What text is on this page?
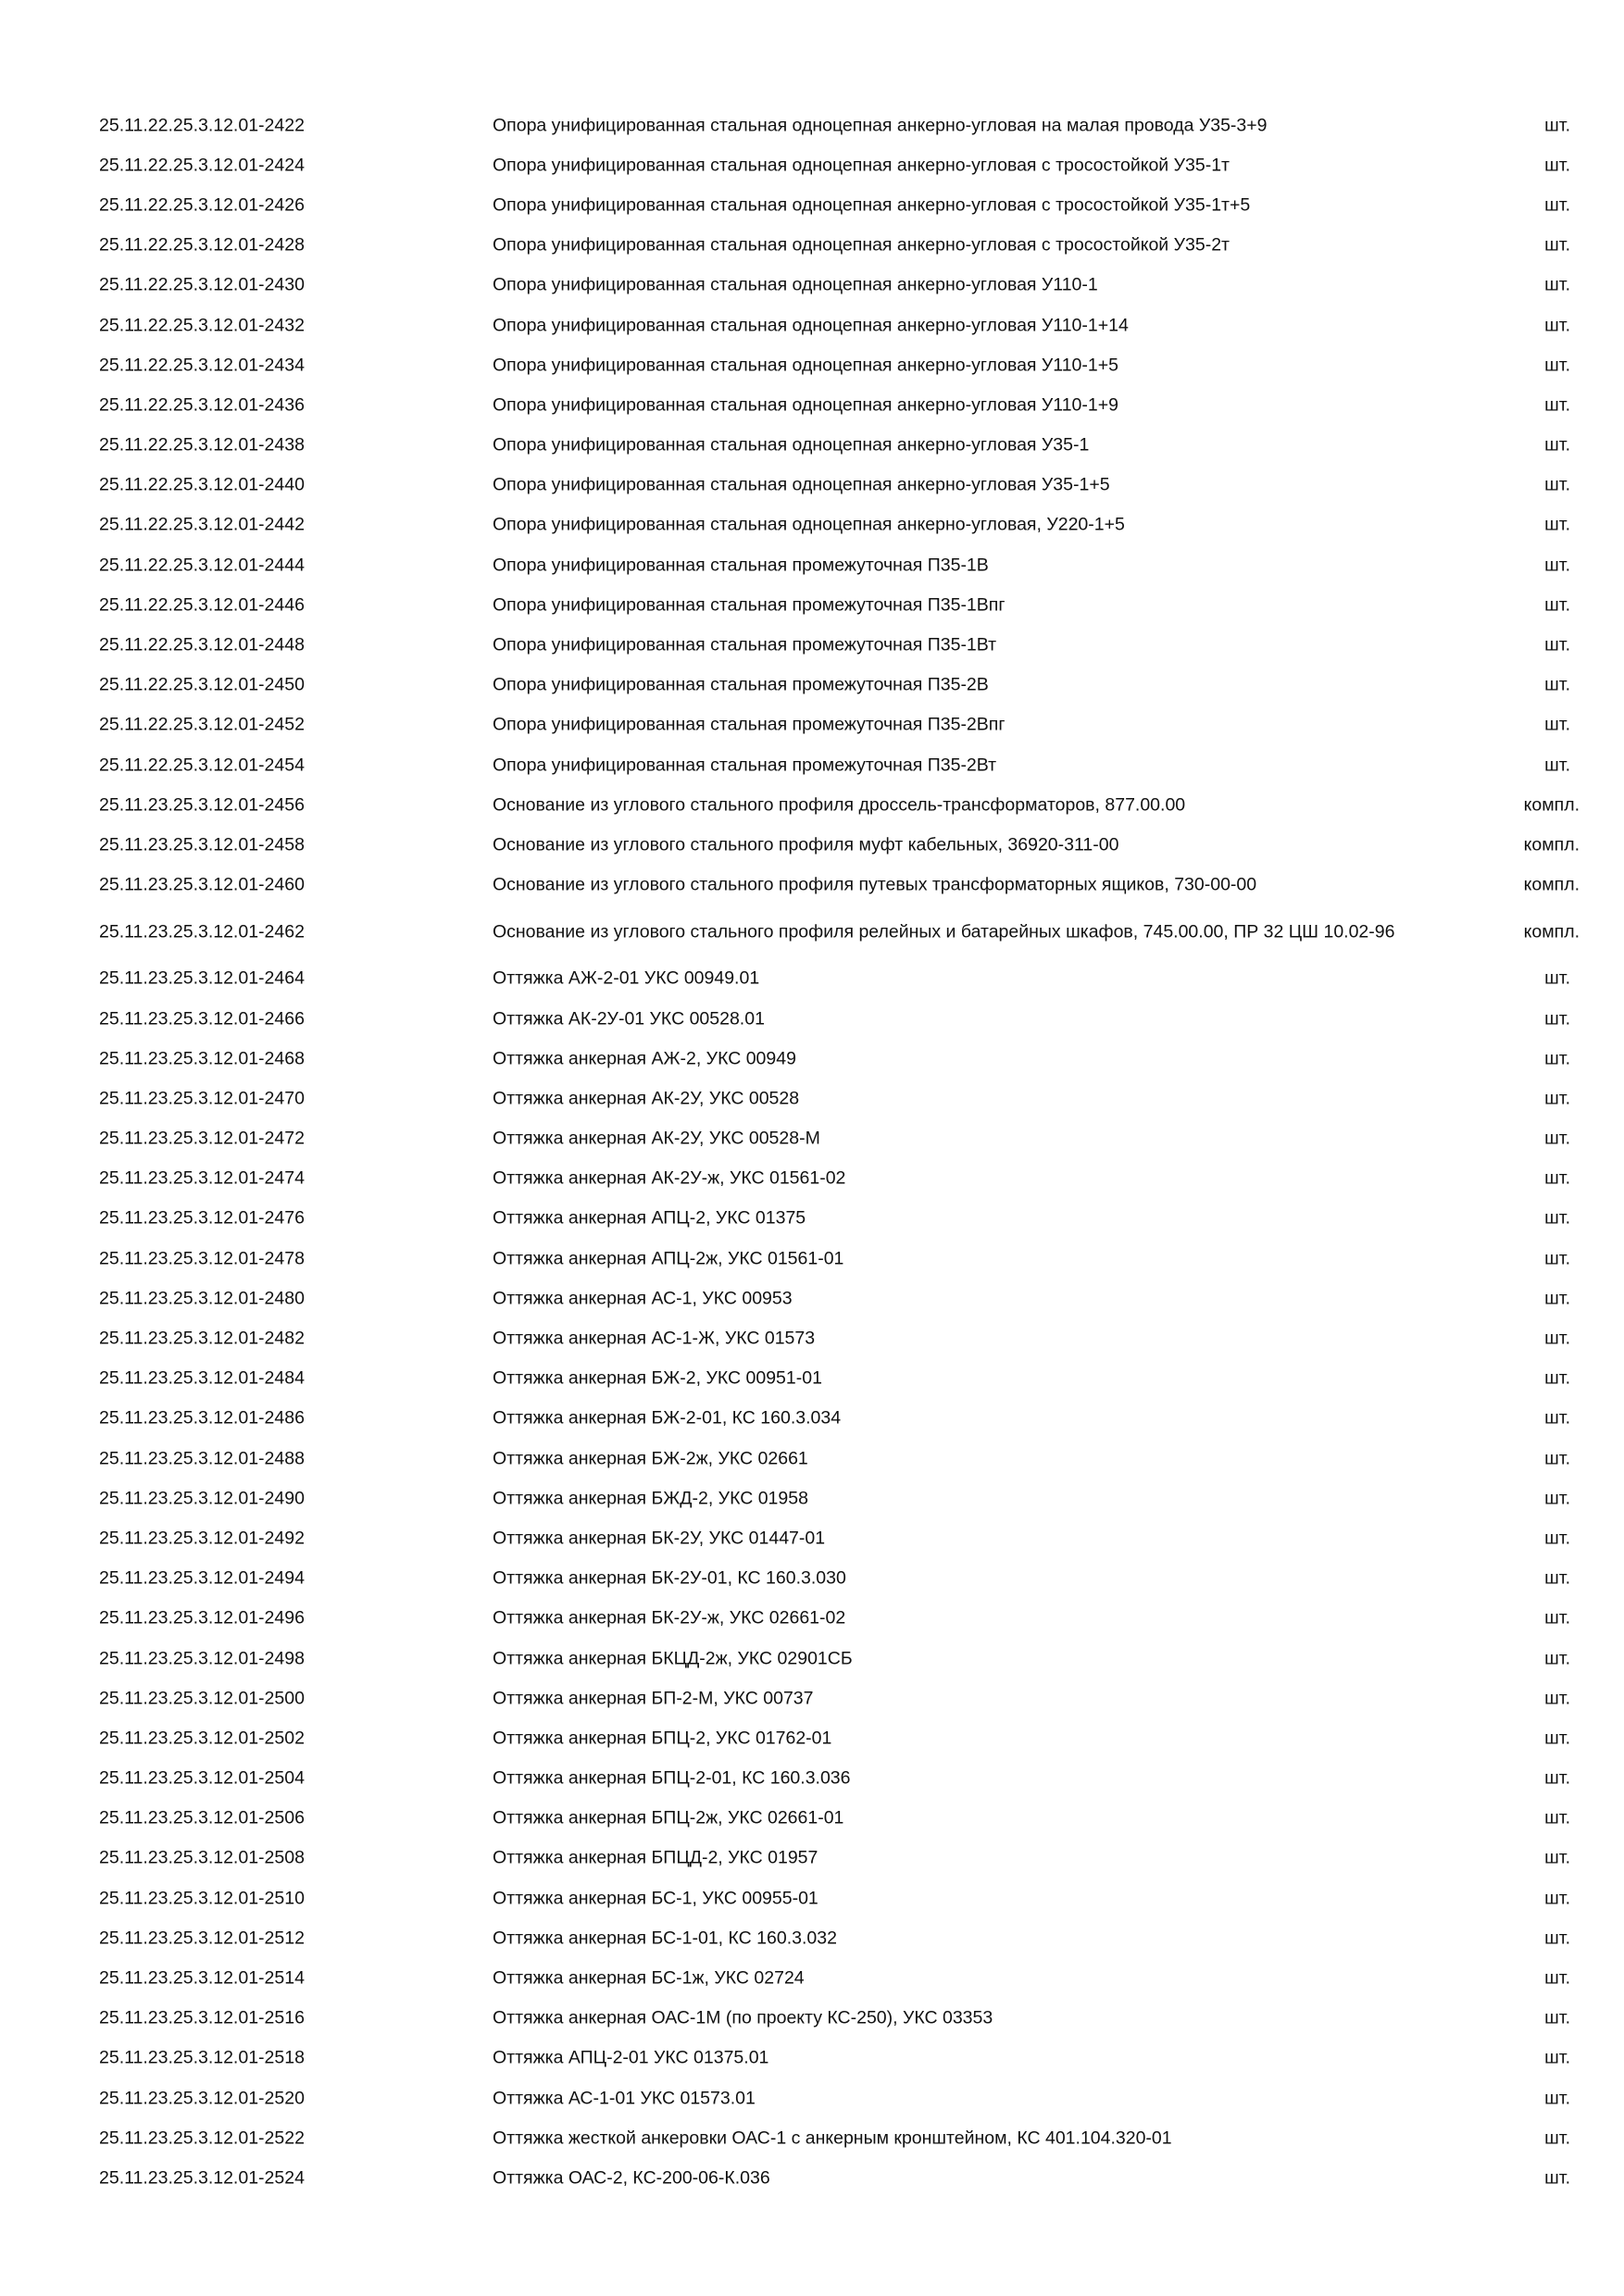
25.11.22.25.3.12.01-2422	Опора унифицированная стальная одноцепная анкерно-угловая на малая провода У35-3+9	шт.
25.11.22.25.3.12.01-2424	Опора унифицированная стальная одноцепная анкерно-угловая с тросостойкой У35-1т	шт.
25.11.22.25.3.12.01-2426	Опора унифицированная стальная одноцепная анкерно-угловая с тросостойкой У35-1т+5	шт.
25.11.22.25.3.12.01-2428	Опора унифицированная стальная одноцепная анкерно-угловая с тросостойкой У35-2т	шт.
25.11.22.25.3.12.01-2430	Опора унифицированная стальная одноцепная анкерно-угловая У110-1	шт.
25.11.22.25.3.12.01-2432	Опора унифицированная стальная одноцепная анкерно-угловая У110-1+14	шт.
25.11.22.25.3.12.01-2434	Опора унифицированная стальная одноцепная анкерно-угловая У110-1+5	шт.
25.11.22.25.3.12.01-2436	Опора унифицированная стальная одноцепная анкерно-угловая У110-1+9	шт.
25.11.22.25.3.12.01-2438	Опора унифицированная стальная одноцепная анкерно-угловая У35-1	шт.
25.11.22.25.3.12.01-2440	Опора унифицированная стальная одноцепная анкерно-угловая У35-1+5	шт.
25.11.22.25.3.12.01-2442	Опора унифицированная стальная одноцепная анкерно-угловая, У220-1+5	шт.
25.11.22.25.3.12.01-2444	Опора унифицированная стальная промежуточная П35-1В	шт.
25.11.22.25.3.12.01-2446	Опора унифицированная стальная промежуточная П35-1Впг	шт.
25.11.22.25.3.12.01-2448	Опора унифицированная стальная промежуточная П35-1Вт	шт.
25.11.22.25.3.12.01-2450	Опора унифицированная стальная промежуточная П35-2В	шт.
25.11.22.25.3.12.01-2452	Опора унифицированная стальная промежуточная П35-2Впг	шт.
25.11.22.25.3.12.01-2454	Опора унифицированная стальная промежуточная П35-2Вт	шт.
25.11.23.25.3.12.01-2456	Основание из углового стального профиля дроссель-трансформаторов, 877.00.00	компл.
25.11.23.25.3.12.01-2458	Основание из углового стального профиля муфт кабельных, 36920-311-00	компл.
25.11.23.25.3.12.01-2460	Основание из углового стального профиля путевых трансформаторных ящиков, 730-00-00	компл.
25.11.23.25.3.12.01-2462	Основание из углового стального профиля релейных и батарейных шкафов, 745.00.00, ПР 32 ЦШ 10.02-96	компл.
25.11.23.25.3.12.01-2464	Оттяжка АЖ-2-01 УКС 00949.01	шт.
25.11.23.25.3.12.01-2466	Оттяжка АК-2У-01 УКС 00528.01	шт.
25.11.23.25.3.12.01-2468	Оттяжка анкерная АЖ-2, УКС 00949	шт.
25.11.23.25.3.12.01-2470	Оттяжка анкерная АК-2У, УКС 00528	шт.
25.11.23.25.3.12.01-2472	Оттяжка анкерная АК-2У, УКС 00528-М	шт.
25.11.23.25.3.12.01-2474	Оттяжка анкерная АК-2У-ж, УКС 01561-02	шт.
25.11.23.25.3.12.01-2476	Оттяжка анкерная АПЦ-2, УКС 01375	шт.
25.11.23.25.3.12.01-2478	Оттяжка анкерная АПЦ-2ж, УКС 01561-01	шт.
25.11.23.25.3.12.01-2480	Оттяжка анкерная АС-1, УКС 00953	шт.
25.11.23.25.3.12.01-2482	Оттяжка анкерная АС-1-Ж, УКС 01573	шт.
25.11.23.25.3.12.01-2484	Оттяжка анкерная БЖ-2, УКС 00951-01	шт.
25.11.23.25.3.12.01-2486	Оттяжка анкерная БЖ-2-01, КС 160.3.034	шт.
25.11.23.25.3.12.01-2488	Оттяжка анкерная БЖ-2ж, УКС 02661	шт.
25.11.23.25.3.12.01-2490	Оттяжка анкерная БЖД-2, УКС 01958	шт.
25.11.23.25.3.12.01-2492	Оттяжка анкерная БК-2У, УКС 01447-01	шт.
25.11.23.25.3.12.01-2494	Оттяжка анкерная БК-2У-01, КС 160.3.030	шт.
25.11.23.25.3.12.01-2496	Оттяжка анкерная БК-2У-ж, УКС 02661-02	шт.
25.11.23.25.3.12.01-2498	Оттяжка анкерная БКЦД-2ж, УКС 02901СБ	шт.
25.11.23.25.3.12.01-2500	Оттяжка анкерная БП-2-М, УКС 00737	шт.
25.11.23.25.3.12.01-2502	Оттяжка анкерная БПЦ-2, УКС 01762-01	шт.
25.11.23.25.3.12.01-2504	Оттяжка анкерная БПЦ-2-01, КС 160.3.036	шт.
25.11.23.25.3.12.01-2506	Оттяжка анкерная БПЦ-2ж, УКС 02661-01	шт.
25.11.23.25.3.12.01-2508	Оттяжка анкерная БПЦД-2, УКС 01957	шт.
25.11.23.25.3.12.01-2510	Оттяжка анкерная БС-1, УКС 00955-01	шт.
25.11.23.25.3.12.01-2512	Оттяжка анкерная БС-1-01, КС 160.3.032	шт.
25.11.23.25.3.12.01-2514	Оттяжка анкерная БС-1ж, УКС 02724	шт.
25.11.23.25.3.12.01-2516	Оттяжка анкерная ОАС-1М (по проекту КС-250), УКС 03353	шт.
25.11.23.25.3.12.01-2518	Оттяжка АПЦ-2-01 УКС 01375.01	шт.
25.11.23.25.3.12.01-2520	Оттяжка АС-1-01 УКС 01573.01	шт.
25.11.23.25.3.12.01-2522	Оттяжка жесткой анкеровки ОАС-1 с анкерным кронштейном, КС 401.104.320-01	шт.
25.11.23.25.3.12.01-2524	Оттяжка ОАС-2, КС-200-06-К.036	шт.
